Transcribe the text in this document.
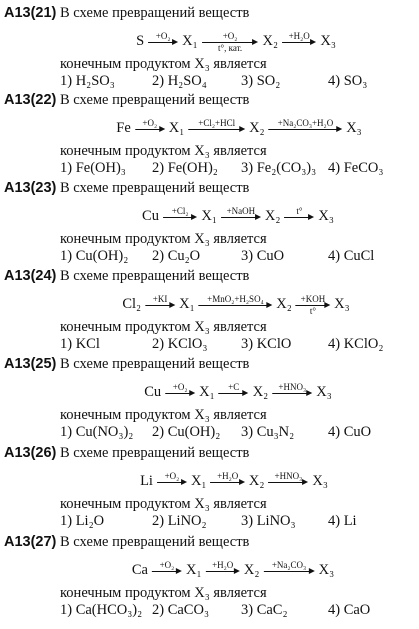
A13(21) В схеме превращений веществ
S +O₂ X₁	+O₂
t°, кат. X₂ +H₂O X₃
конечным продуктом X₃ является
1) H₂SO₃	2) H₂SO₄ 3) SO₂	4) SO₃
A13(22) В схеме превращений веществ
Fe +O₂ X₁ +Cl₂+HCl X₂ +Na₂CO₃+H₂O X₃
конечным продуктом X₃ является
1) Fe(OH)₃ 2) Fe(OH)₂ 3) Fe₂(CO₃)₃ 4) FeCO₃
A13(23) В схеме превращений веществ
Cu +Cl₂ X₁ +NaOH X₂ t° X₃
конечным продуктом X₃ является
1) Cu(OH)₂ 2) Cu₂O	3) CuO	4) CuCl
A13(24) В схеме превращений веществ
Cl₂ +KI X₁ +MnO₂+H₂SO₄ X₂ +KOH
t° X₃
конечным продуктом X₃ является
1) KCl	2) KClO₃ 3) KClO	4) KClO₂
A13(25) В схеме превращений веществ
Cu +O₂ X₁ +C X₂ +HNO₃ X₃
конечным продуктом X₃ является
1) Cu(NO₃)₂ 2) Cu(OH)₂ 3) Cu₃N₂ 4) CuO
A13(26) В схеме превращений веществ
Li +O₂ X₁ +H₂O X₂ +HNO₃ X₃
конечным продуктом X₃ является
1) Li₂O	2) LiNO₂ 3) LiNO₃ 4) Li
A13(27) В схеме превращений веществ
Ca +O₂ X₁ +H₂O X₂ +Na₂CO₃ X₃
конечным продуктом X₃ является
1) Ca(HCO₃)₂ 2) CaCO₃ 3) CaC₂	4) CaO
